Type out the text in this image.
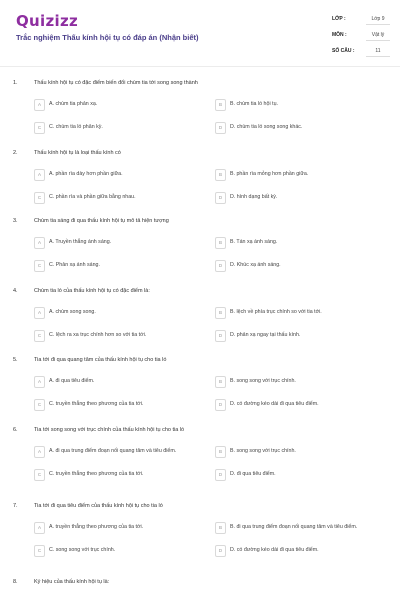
Quizizz
Trắc nghiệm Thấu kính hội tụ có đáp án (Nhận biết)
LỚP :	Lớp 9
MÔN :	Vật lý
SỐ CÂU :	11
1.	Thấu kính hội tụ có đặc điểm biến đổi chùm tia tới song song thành
A	A. chùm tia phản xạ.	B	B. chùm tia ló hội tụ.
C	C. chùm tia ló phân kỳ.	D	D. chùm tia ló song song khác.
2.	Thấu kính hội tụ là loại thấu kính có
A	A. phần rìa dày hơn phần giữa.	B	B. phần rìa mỏng hơn phần giữa.
C	C. phần rìa và phần giữa bằng nhau.	D	D. hình dạng bất kỳ.
3.	Chùm tia sáng đi qua thấu kính hội tụ mô tả hiện tượng
A	A. Truyền thẳng ánh sáng.	B	B. Tán xạ ánh sáng.
C	C. Phản xạ ánh sáng.	D	D. Khúc xạ ánh sáng.
4.	Chùm tia ló của thấu kính hội tụ có đặc điểm là:
A	A. chùm song song.	B	B. lệch về phía trục chính so với tia tới.
C	C. lệch ra xa trục chính hơn so với tia tới.	D	D. phản xạ ngay tại thấu kính.
5.	Tia tới đi qua quang tâm của thấu kính hội tụ cho tia ló
A	A. đi qua tiêu điểm.	B	B. song song với trục chính.
C	C. truyền thẳng theo phương của tia tới.	D	D. có đường kéo dài đi qua tiêu điểm.
6.	Tia tới song song với trục chính của thấu kính hội tụ cho tia ló
A	A. đi qua trung điểm đoạn nối quang tâm và tiêu điểm.	B	B. song song với trục chính.
C	C. truyền thẳng theo phương của tia tới.	D	D. đi qua tiêu điểm.
7.	Tia tới đi qua tiêu điểm của thấu kính hội tụ cho tia ló
A	A. truyền thẳng theo phương của tia tới.	B	B. đi qua trung điểm đoạn nối quang tâm và tiêu điểm.
C	C. song song với trục chính.	D	D. có đường kéo dài đi qua tiêu điểm.
8.	Ký hiệu của thấu kính hội tụ là:
